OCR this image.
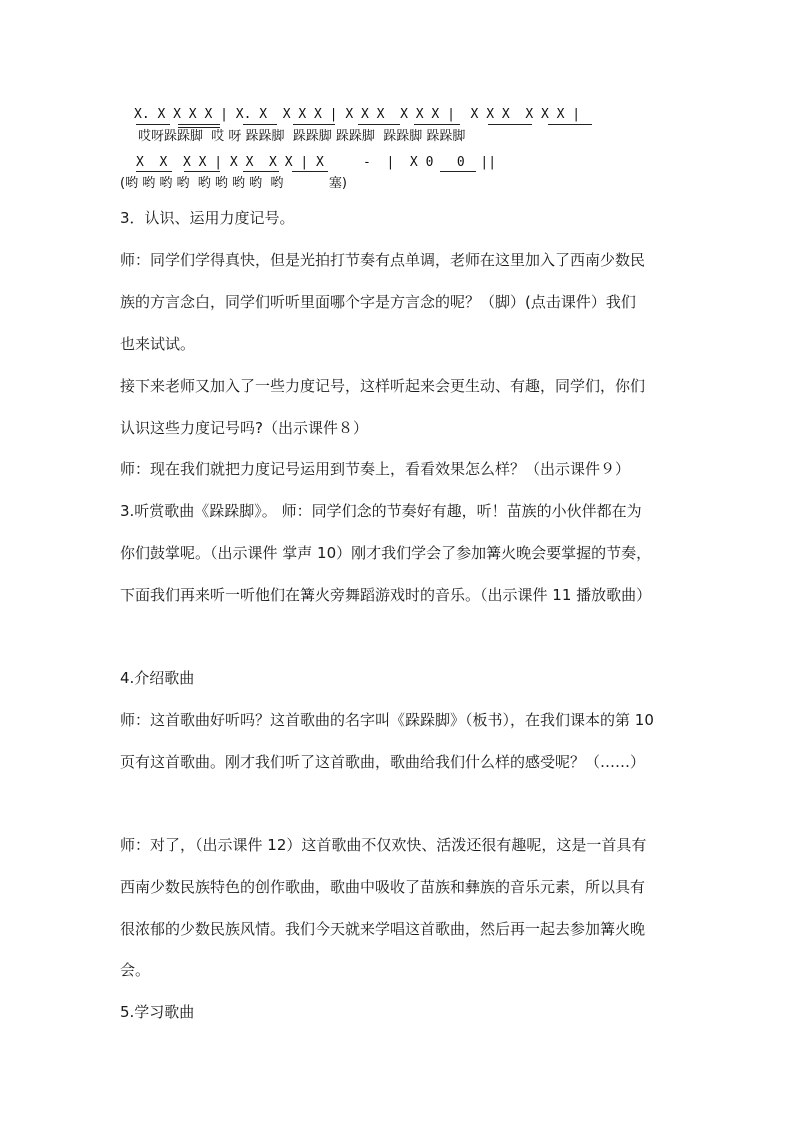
X. X X X X | X. X  X X X | X X X  X X X |  X X X  X X X |
哎呀跺跺脚  哎 呀 跺跺脚  跺跺脚 跺跺脚  跺跺脚 跺跺脚
X  X  X X | X X  X X | X     -  |  X 0   0  ||
(哟 哟 哟 哟  哟 哟 哟 哟  哟           塞)

3．认识、运用力度记号。

师：同学们学得真快，但是光拍打节奏有点单调，老师在这里加入了西南少数民

族的方言念白，同学们听听里面哪个字是方言念的呢？（脚）(点击课件）我们

也来试试。

接下来老师又加入了一些力度记号，这样听起来会更生动、有趣，同学们，你们

认识这些力度记号吗?（出示课件８）

师：现在我们就把力度记号运用到节奏上，看看效果怎么样？（出示课件９）

3.听赏歌曲《跺跺脚》。 师：同学们念的节奏好有趣，听！苗族的小伙伴都在为

你们鼓掌呢。（出示课件 掌声 10）刚才我们学会了参加篝火晚会要掌握的节奏，

下面我们再来听一听他们在篝火旁舞蹈游戏时的音乐。（出示课件 11 播放歌曲）

4.介绍歌曲

师：这首歌曲好听吗？这首歌曲的名字叫《跺跺脚》（板书），在我们课本的第 10

页有这首歌曲。刚才我们听了这首歌曲，歌曲给我们什么样的感受呢？（……）

师：对了，（出示课件 12）这首歌曲不仅欢快、活泼还很有趣呢，这是一首具有

西南少数民族特色的创作歌曲，歌曲中吸收了苗族和彝族的音乐元素，所以具有

很浓郁的少数民族风情。我们今天就来学唱这首歌曲，然后再一起去参加篝火晚

会。

5.学习歌曲
